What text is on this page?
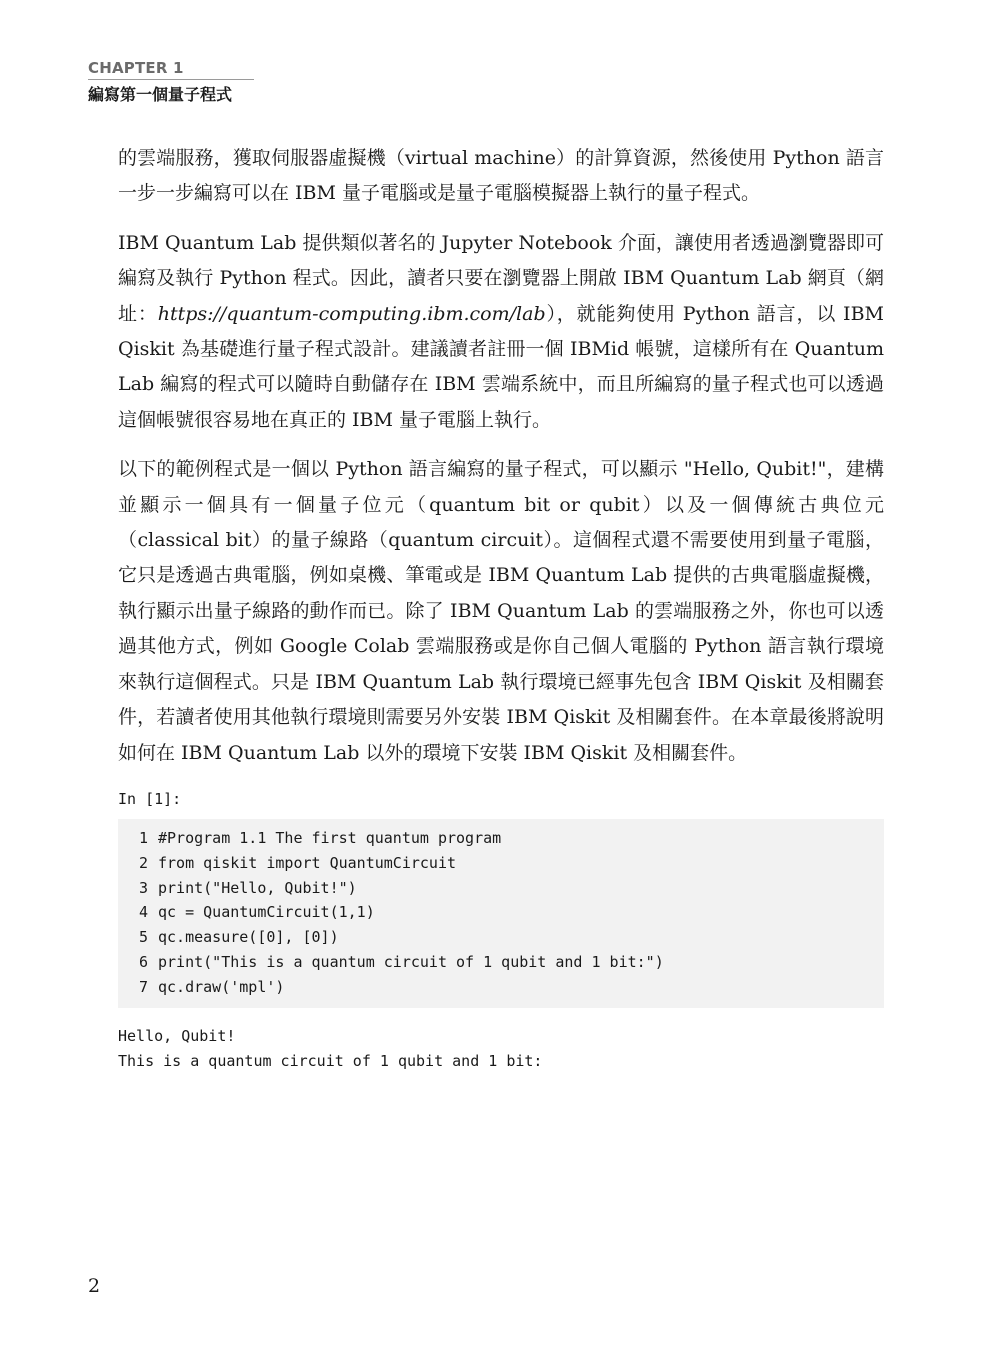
CHAPTER 1
編寫第一個量子程式

的雲端服務，獲取伺服器虛擬機（virtual machine）的計算資源，然後使用 Python 語言一步一步編寫可以在 IBM 量子電腦或是量子電腦模擬器上執行的量子程式。

IBM Quantum Lab 提供類似著名的 Jupyter Notebook 介面，讓使用者透過瀏覽器即可編寫及執行 Python 程式。因此，讀者只要在瀏覽器上開啟 IBM Quantum Lab 網頁（網址：https://quantum-computing.ibm.com/lab），就能夠使用 Python 語言，以 IBM Qiskit 為基礎進行量子程式設計。建議讀者註冊一個 IBMid 帳號，這樣所有在 Quantum Lab 編寫的程式可以隨時自動儲存在 IBM 雲端系統中，而且所編寫的量子程式也可以透過這個帳號很容易地在真正的 IBM 量子電腦上執行。

以下的範例程式是一個以 Python 語言編寫的量子程式，可以顯示 "Hello, Qubit!"，建構並顯示一個具有一個量子位元（quantum bit or qubit）以及一個傳統古典位元（classical bit）的量子線路（quantum circuit）。這個程式還不需要使用到量子電腦，它只是透過古典電腦，例如桌機、筆電或是 IBM Quantum Lab 提供的古典電腦虛擬機，執行顯示出量子線路的動作而已。除了 IBM Quantum Lab 的雲端服務之外，你也可以透過其他方式，例如 Google Colab 雲端服務或是你自己個人電腦的 Python 語言執行環境來執行這個程式。只是 IBM Quantum Lab 執行環境已經事先包含 IBM Qiskit 及相關套件，若讀者使用其他執行環境則需要另外安裝 IBM Qiskit 及相關套件。在本章最後將說明如何在 IBM Quantum Lab 以外的環境下安裝 IBM Qiskit 及相關套件。

In [1]:
1 #Program 1.1 The first quantum program
2 from qiskit import QuantumCircuit
3 print("Hello, Qubit!")
4 qc = QuantumCircuit(1,1)
5 qc.measure([0], [0])
6 print("This is a quantum circuit of 1 qubit and 1 bit:")
7 qc.draw('mpl')
Hello, Qubit!
This is a quantum circuit of 1 qubit and 1 bit:
2
